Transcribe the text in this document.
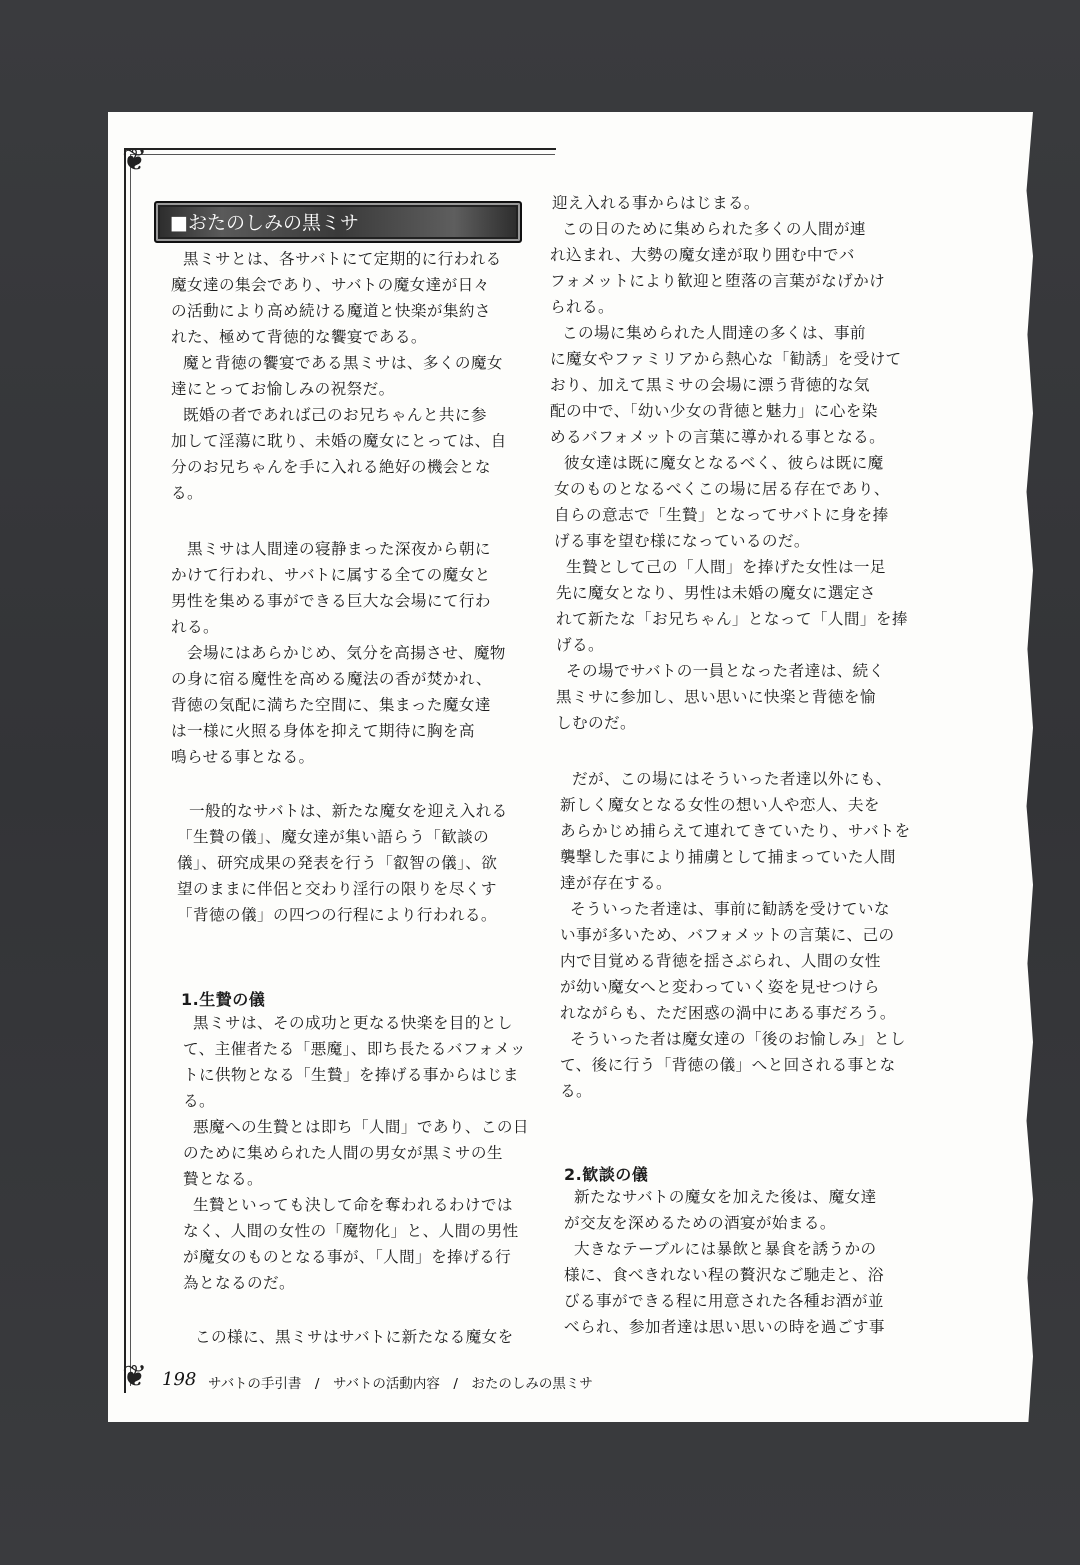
❦
❦
■おたのしみの黒ミサ
黒ミサとは、各サバトにて定期的に行われる
魔女達の集会であり、サバトの魔女達が日々
の活動により高め続ける魔道と快楽が集約さ
れた、極めて背徳的な饗宴である。
魔と背徳の饗宴である黒ミサは、多くの魔女
達にとってお愉しみの祝祭だ。
既婚の者であれば己のお兄ちゃんと共に参
加して淫蕩に耽り、未婚の魔女にとっては、自
分のお兄ちゃんを手に入れる絶好の機会とな
る。
黒ミサは人間達の寝静まった深夜から朝に
かけて行われ、サバトに属する全ての魔女と
男性を集める事ができる巨大な会場にて行わ
れる。
会場にはあらかじめ、気分を高揚させ、魔物
の身に宿る魔性を高める魔法の香が焚かれ、
背徳の気配に満ちた空間に、集まった魔女達
は一様に火照る身体を抑えて期待に胸を高
鳴らせる事となる。
一般的なサバトは、新たな魔女を迎え入れる
「生贄の儀」、魔女達が集い語らう「歓談の
儀」、研究成果の発表を行う「叡智の儀」、欲
望のままに伴侶と交わり淫行の限りを尽くす
「背徳の儀」の四つの行程により行われる。
1.生贄の儀
黒ミサは、その成功と更なる快楽を目的とし
て、主催者たる「悪魔」、即ち長たるバフォメッ
トに供物となる「生贄」を捧げる事からはじま
る。
悪魔への生贄とは即ち「人間」であり、この日
のために集められた人間の男女が黒ミサの生
贄となる。
生贄といっても決して命を奪われるわけでは
なく、人間の女性の「魔物化」と、人間の男性
が魔女のものとなる事が、「人間」を捧げる行
為となるのだ。
この様に、黒ミサはサバトに新たなる魔女を
迎え入れる事からはじまる。
この日のために集められた多くの人間が連
れ込まれ、大勢の魔女達が取り囲む中でバ
フォメットにより歓迎と堕落の言葉がなげかけ
られる。
この場に集められた人間達の多くは、事前
に魔女やファミリアから熱心な「勧誘」を受けて
おり、加えて黒ミサの会場に漂う背徳的な気
配の中で、「幼い少女の背徳と魅力」に心を染
めるバフォメットの言葉に導かれる事となる。
彼女達は既に魔女となるべく、彼らは既に魔
女のものとなるべくこの場に居る存在であり、
自らの意志で「生贄」となってサバトに身を捧
げる事を望む様になっているのだ。
生贄として己の「人間」を捧げた女性は一足
先に魔女となり、男性は未婚の魔女に選定さ
れて新たな「お兄ちゃん」となって「人間」を捧
げる。
その場でサバトの一員となった者達は、続く
黒ミサに参加し、思い思いに快楽と背徳を愉
しむのだ。
だが、この場にはそういった者達以外にも、
新しく魔女となる女性の想い人や恋人、夫を
あらかじめ捕らえて連れてきていたり、サバトを
襲撃した事により捕虜として捕まっていた人間
達が存在する。
そういった者達は、事前に勧誘を受けていな
い事が多いため、バフォメットの言葉に、己の
内で目覚める背徳を揺さぶられ、人間の女性
が幼い魔女へと変わっていく姿を見せつけら
れながらも、ただ困惑の渦中にある事だろう。
そういった者は魔女達の「後のお愉しみ」とし
て、後に行う「背徳の儀」へと回される事とな
る。
2.歓談の儀
新たなサバトの魔女を加えた後は、魔女達
が交友を深めるための酒宴が始まる。
大きなテーブルには暴飲と暴食を誘うかの
様に、食べきれない程の贅沢なご馳走と、浴
びる事ができる程に用意された各種お酒が並
べられ、参加者達は思い思いの時を過ごす事
198 サバトの手引書　/　サバトの活動内容　/　おたのしみの黒ミサ
